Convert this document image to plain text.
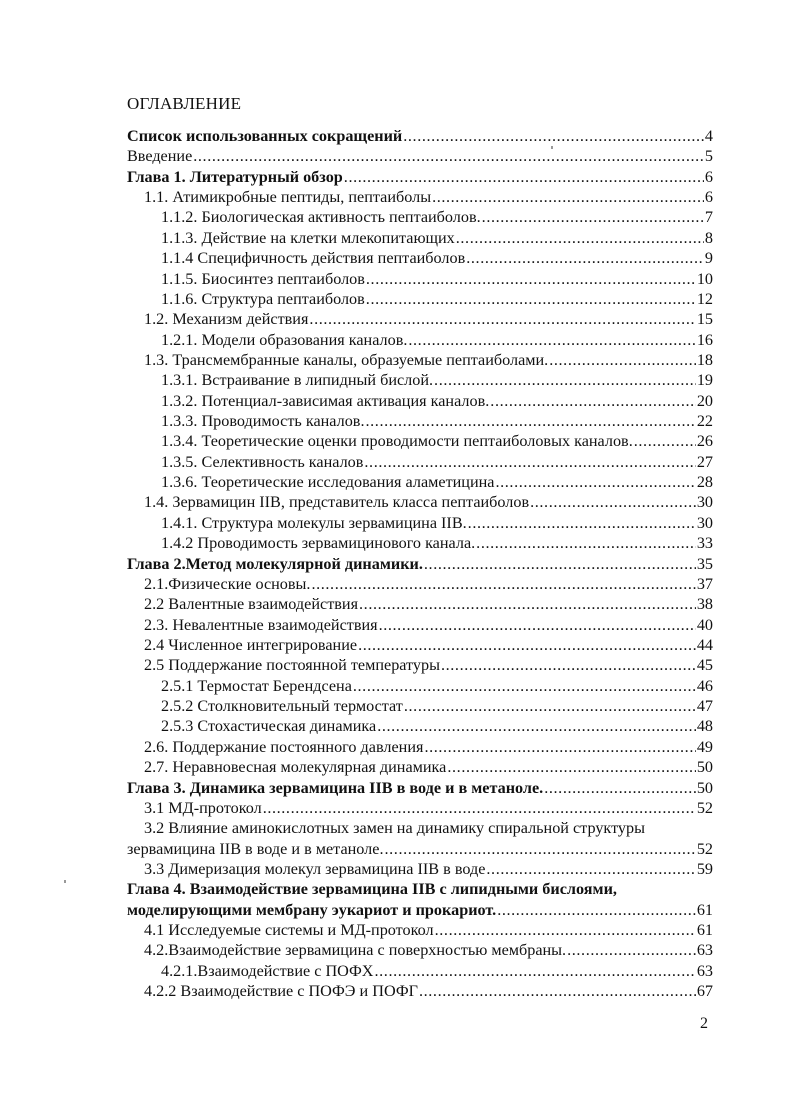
ОГЛАВЛЕНИЕ
Список использованных сокращений .....	4
Введение .....	5
Глава 1. Литературный обзор .....	6
1.1. Атимикробные пептиды, пептаиболы .....	6
1.1.2. Биологическая активность пептаиболов. .....	7
1.1.3. Действие на клетки млекопитающих .....	8
1.1.4 Специфичность действия пептаиболов .....	9
1.1.5. Биосинтез пептаиболов .....	10
1.1.6. Структура пептаиболов .....	12
1.2. Механизм действия .....	15
1.2.1. Модели образования каналов. .....	16
1.3. Трансмембранные каналы, образуемые пептаиболами. .....	18
1.3.1. Встраивание в липидный бислой. .....	19
1.3.2. Потенциал-зависимая активация каналов. .....	20
1.3.3. Проводимость каналов. .....	22
1.3.4. Теоретические оценки проводимости пептаиболовых каналов. .....	26
1.3.5. Селективность каналов .....	27
1.3.6. Теоретические исследования аламетицина .....	28
1.4. Зервамицин IIB, представитель класса пептаиболов .....	30
1.4.1. Структура молекулы зервамицина IIB. .....	30
1.4.2 Проводимость зервамицинового канала. .....	33
Глава 2.Метод молекулярной динамики. .....	35
2.1.Физические основы. .....	37
2.2 Валентные взаимодействия .....	38
2.3. Невалентные взаимодействия .....	40
2.4 Численное интегрирование .....	44
2.5 Поддержание постоянной температуры .....	45
2.5.1 Термостат Берендсена .....	46
2.5.2 Столкновительный термостат .....	47
2.5.3 Стохастическая динамика .....	48
2.6. Поддержание постоянного давления .....	49
2.7. Неравновесная молекулярная динамика .....	50
Глава 3. Динамика зервамицина IIB в воде и в метаноле. .....	50
3.1 МД-протокол .....	52
3.2 Влияние аминокислотных замен на динамику спиральной структуры
зервамицина IIB в воде и в метаноле. .....	52
3.3 Димеризация молекул зервамицина IIB в воде .....	59
Глава 4. Взаимодействие зервамицина IIB с липидными бислоями,
моделирующими мембрану эукариот и прокариот. .....	61
4.1 Исследуемые системы и МД-протокол .....	61
4.2.Взаимодействие зервамицина с поверхностью мембраны. .....	63
4.2.1.Взаимодействие с ПОФХ .....	63
4.2.2 Взаимодействие с ПОФЭ и ПОФГ .....	67
2
